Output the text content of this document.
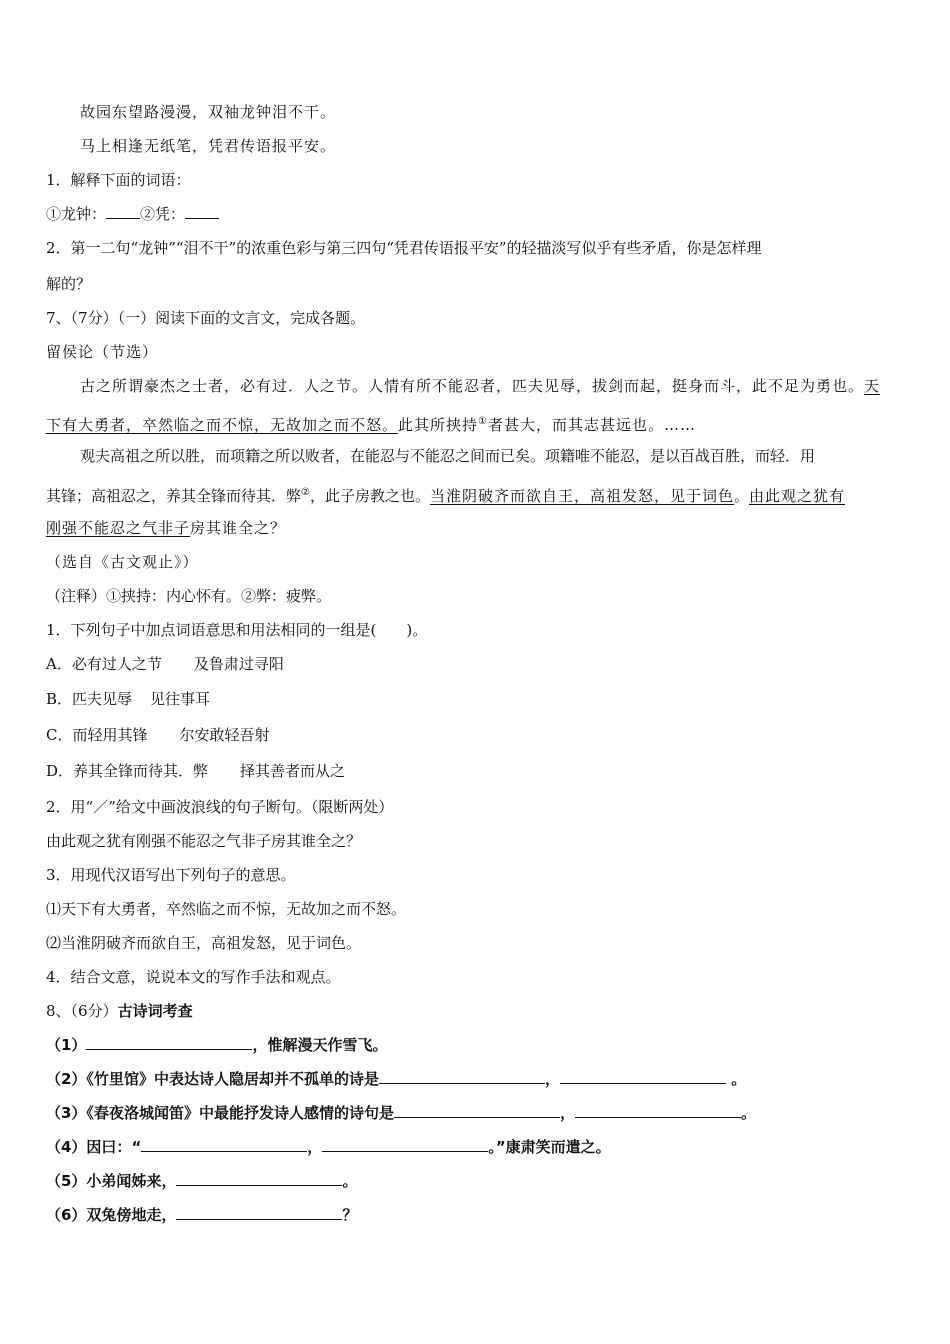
故园东望路漫漫，双袖龙钟泪不干。
马上相逢无纸笔，凭君传语报平安。
1．解释下面的词语：
①龙钟： ②凭：
2．第一二句“龙钟”“泪不干”的浓重色彩与第三四句“凭君传语报平安”的轻描淡写似乎有些矛盾，你是怎样理
解的？
7、（7分）（一）阅读下面的文言文，完成各题。
留侯论（节选）
古之所谓豪杰之士者，必有过．人之节。人情有所不能忍者，匹夫见辱，拔剑而起，挺身而斗，此不足为勇也。天
下有大勇者，卒然临之而不惊，无故加之而不怒。此其所挟持①者甚大，而其志甚远也。……
观夫高祖之所以胜，而项籍之所以败者，在能忍与不能忍之间而已矣。项籍唯不能忍，是以百战百胜，而轻．用
其锋；高祖忍之，养其全锋而待其．弊②，此子房教之也。当淮阴破齐而欲自王，高祖发怒，见于词色。由此观之犹有
刚强不能忍之气非子房其谁全之？
（选自《古文观止》）
（注释）①挟持：内心怀有。②弊：疲弊。
1．下列句子中加点词语意思和用法相同的一组是(　　)。
A．必有过人之节 及鲁肃过寻阳
B．匹夫见辱 见往事耳
C．而轻用其锋 尔安敢轻吾射
D．养其全锋而待其．弊 择其善者而从之
2．用“／”给文中画波浪线的句子断句。（限断两处）
由此观之犹有刚强不能忍之气非子房其谁全之？
3．用现代汉语写出下列句子的意思。
⑴天下有大勇者，卒然临之而不惊，无故加之而不怒。
⑵当淮阴破齐而欲自王，高祖发怒，见于词色。
4．结合文意，说说本文的写作手法和观点。
8、（6分）古诗词考查
（1）	，惟解漫天作雪飞。
（2）《竹里馆》中表达诗人隐居却并不孤单的诗是	，	。
（3）《春夜洛城闻笛》中最能抒发诗人感情的诗句是	，	。
（4）因曰：“	，	。”康肃笑而遣之。
（5）小弟闻姊来，	。
（6）双兔傍地走，	？
